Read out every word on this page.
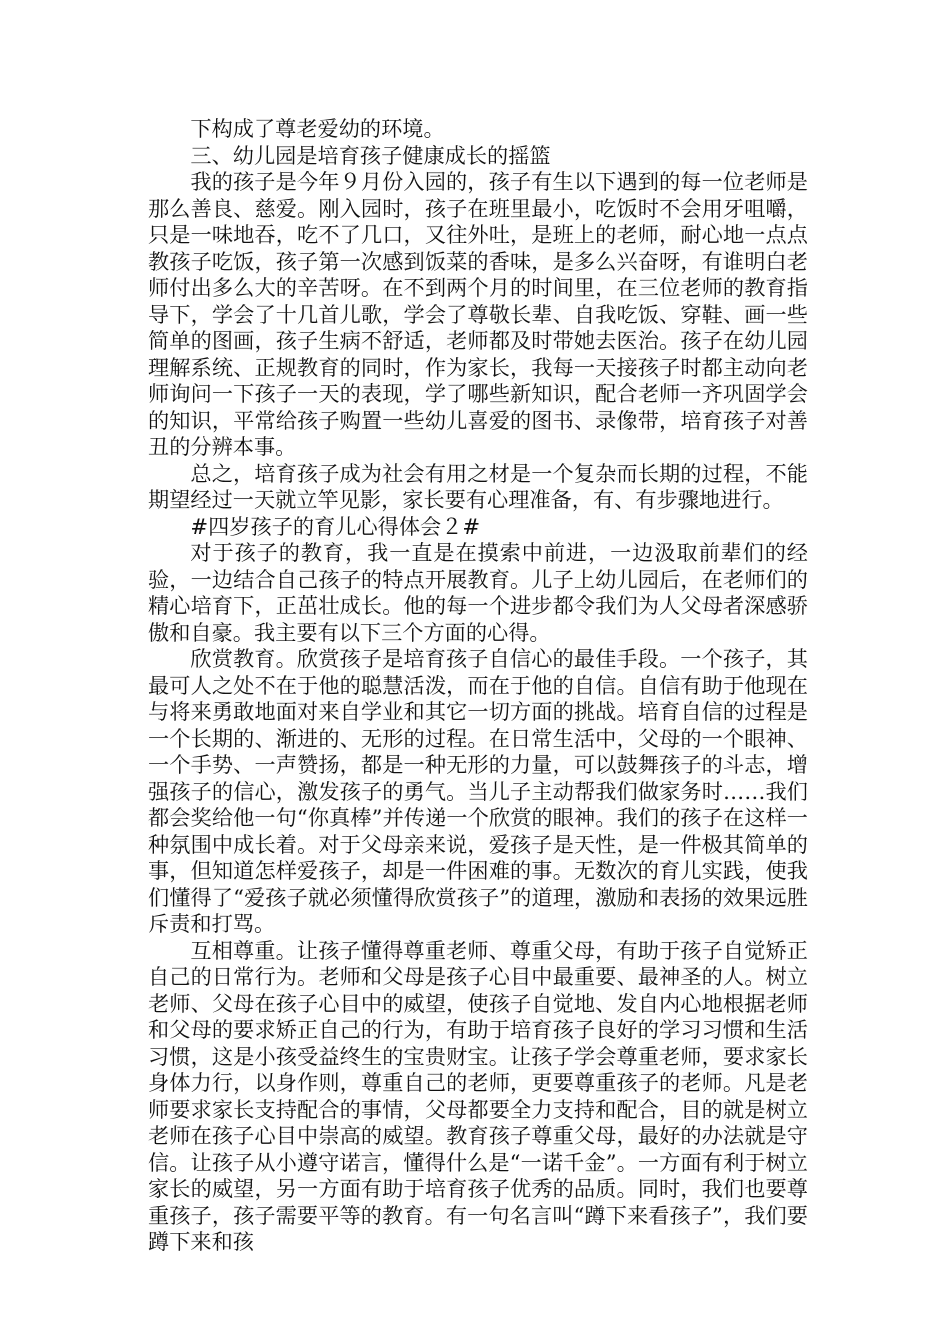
下构成了尊老爱幼的环境。

三、幼儿园是培育孩子健康成长的摇篮

我的孩子是今年９月份入园的，孩子有生以下遇到的每一位老师是那么善良、慈爱。刚入园时，孩子在班里最小，吃饭时不会用牙咀嚼，只是一味地吞，吃不了几口，又往外吐，是班上的老师，耐心地一点点教孩子吃饭，孩子第一次感到饭菜的香味，是多么兴奋呀，有谁明白老师付出多么大的辛苦呀。在不到两个月的时间里，在三位老师的教育指导下，学会了十几首儿歌，学会了尊敬长辈、自我吃饭、穿鞋、画一些简单的图画，孩子生病不舒适，老师都及时带她去医治。孩子在幼儿园理解系统、正规教育的同时，作为家长，我每一天接孩子时都主动向老师询问一下孩子一天的表现，学了哪些新知识，配合老师一齐巩固学会的知识，平常给孩子购置一些幼儿喜爱的图书、录像带，培育孩子对善丑的分辨本事。

总之，培育孩子成为社会有用之材是一个复杂而长期的过程，不能期望经过一天就立竿见影，家长要有心理准备，有、有步骤地进行。

#四岁孩子的育儿心得体会２#

对于孩子的教育，我一直是在摸索中前进，一边汲取前辈们的经验，一边结合自己孩子的特点开展教育。儿子上幼儿园后，在老师们的精心培育下，正茁壮成长。他的每一个进步都令我们为人父母者深感骄傲和自豪。我主要有以下三个方面的心得。

欣赏教育。欣赏孩子是培育孩子自信心的最佳手段。一个孩子，其最可人之处不在于他的聪慧活泼，而在于他的自信。自信有助于他现在与将来勇敢地面对来自学业和其它一切方面的挑战。培育自信的过程是一个长期的、渐进的、无形的过程。在日常生活中，父母的一个眼神、一个手势、一声赞扬，都是一种无形的力量，可以鼓舞孩子的斗志，增强孩子的信心，激发孩子的勇气。当儿子主动帮我们做家务时……我们都会奖给他一句“你真棒”并传递一个欣赏的眼神。我们的孩子在这样一种氛围中成长着。对于父母亲来说，爱孩子是天性，是一件极其简单的事，但知道怎样爱孩子，却是一件困难的事。无数次的育儿实践，使我们懂得了“爱孩子就必须懂得欣赏孩子”的道理，激励和表扬的效果远胜斥责和打骂。

互相尊重。让孩子懂得尊重老师、尊重父母，有助于孩子自觉矫正自己的日常行为。老师和父母是孩子心目中最重要、最神圣的人。树立老师、父母在孩子心目中的威望，使孩子自觉地、发自内心地根据老师和父母的要求矫正自己的行为，有助于培育孩子良好的学习习惯和生活习惯，这是小孩受益终生的宝贵财宝。让孩子学会尊重老师，要求家长身体力行，以身作则，尊重自己的老师，更要尊重孩子的老师。凡是老师要求家长支持配合的事情，父母都要全力支持和配合，目的就是树立老师在孩子心目中崇高的威望。教育孩子尊重父母，最好的办法就是守信。让孩子从小遵守诺言，懂得什么是“一诺千金”。一方面有利于树立家长的威望，另一方面有助于培育孩子优秀的品质。同时，我们也要尊重孩子，孩子需要平等的教育。有一句名言叫“蹲下来看孩子”，我们要蹲下来和孩
